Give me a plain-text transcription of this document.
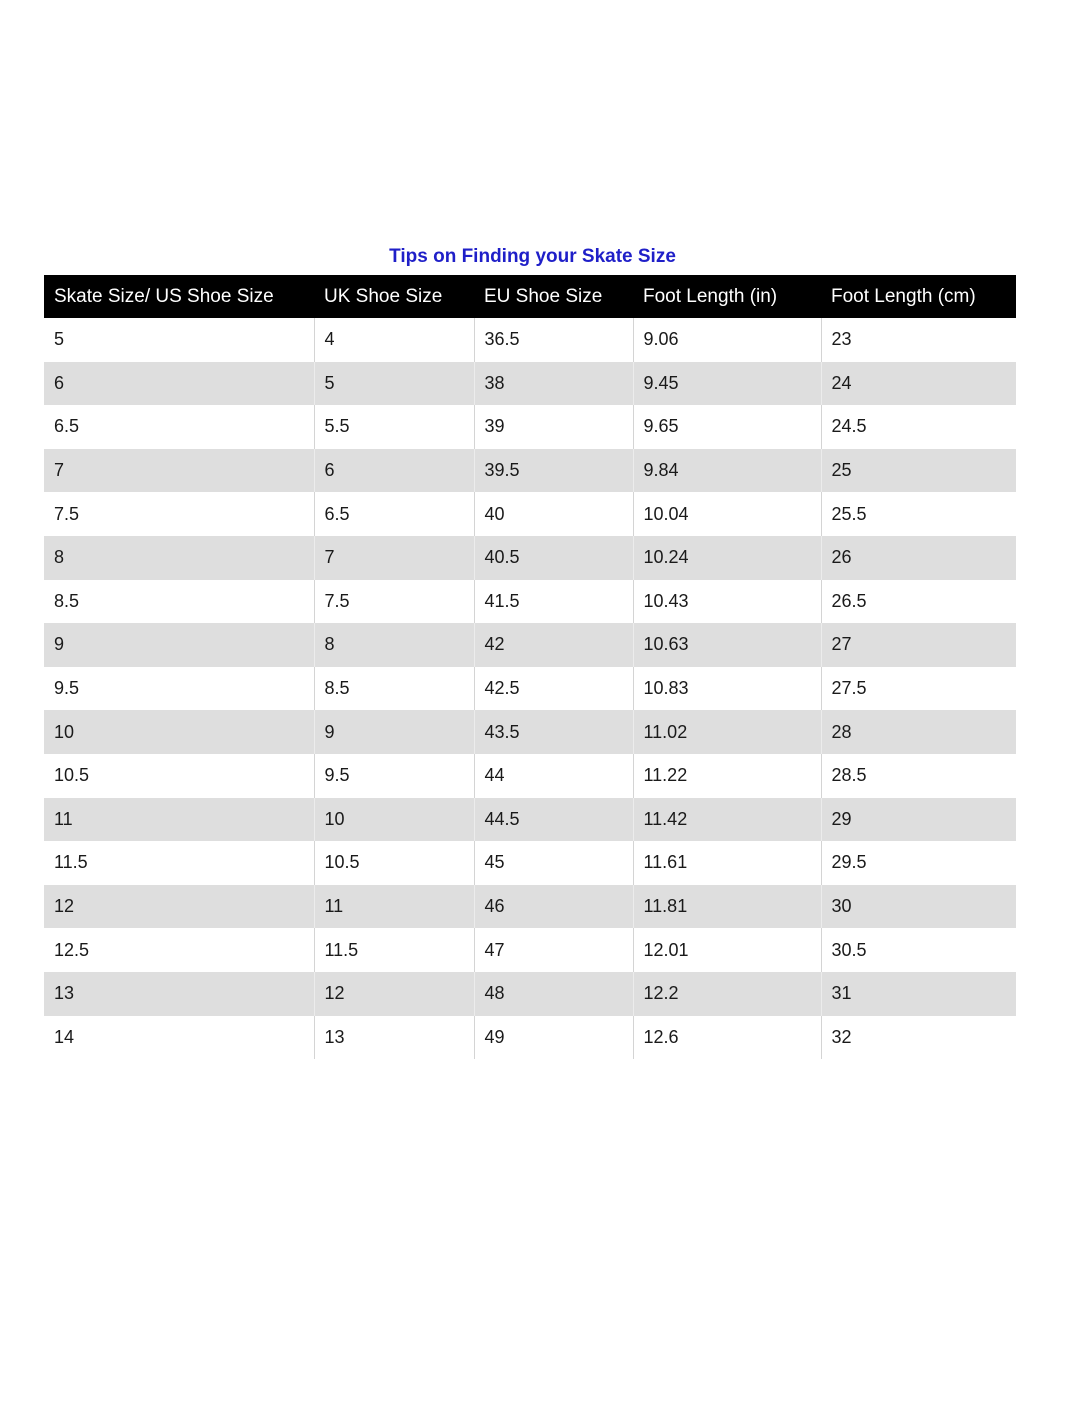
Tips on Finding your Skate Size
Skate Size/ US Shoe Size	UK Shoe Size	EU Shoe Size	Foot Length (in)	Foot Length (cm)
5	4	36.5	9.06	23
6	5	38	9.45	24
6.5	5.5	39	9.65	24.5
7	6	39.5	9.84	25
7.5	6.5	40	10.04	25.5
8	7	40.5	10.24	26
8.5	7.5	41.5	10.43	26.5
9	8	42	10.63	27
9.5	8.5	42.5	10.83	27.5
10	9	43.5	11.02	28
10.5	9.5	44	11.22	28.5
11	10	44.5	11.42	29
11.5	10.5	45	11.61	29.5
12	11	46	11.81	30
12.5	11.5	47	12.01	30.5
13	12	48	12.2	31
14	13	49	12.6	32
